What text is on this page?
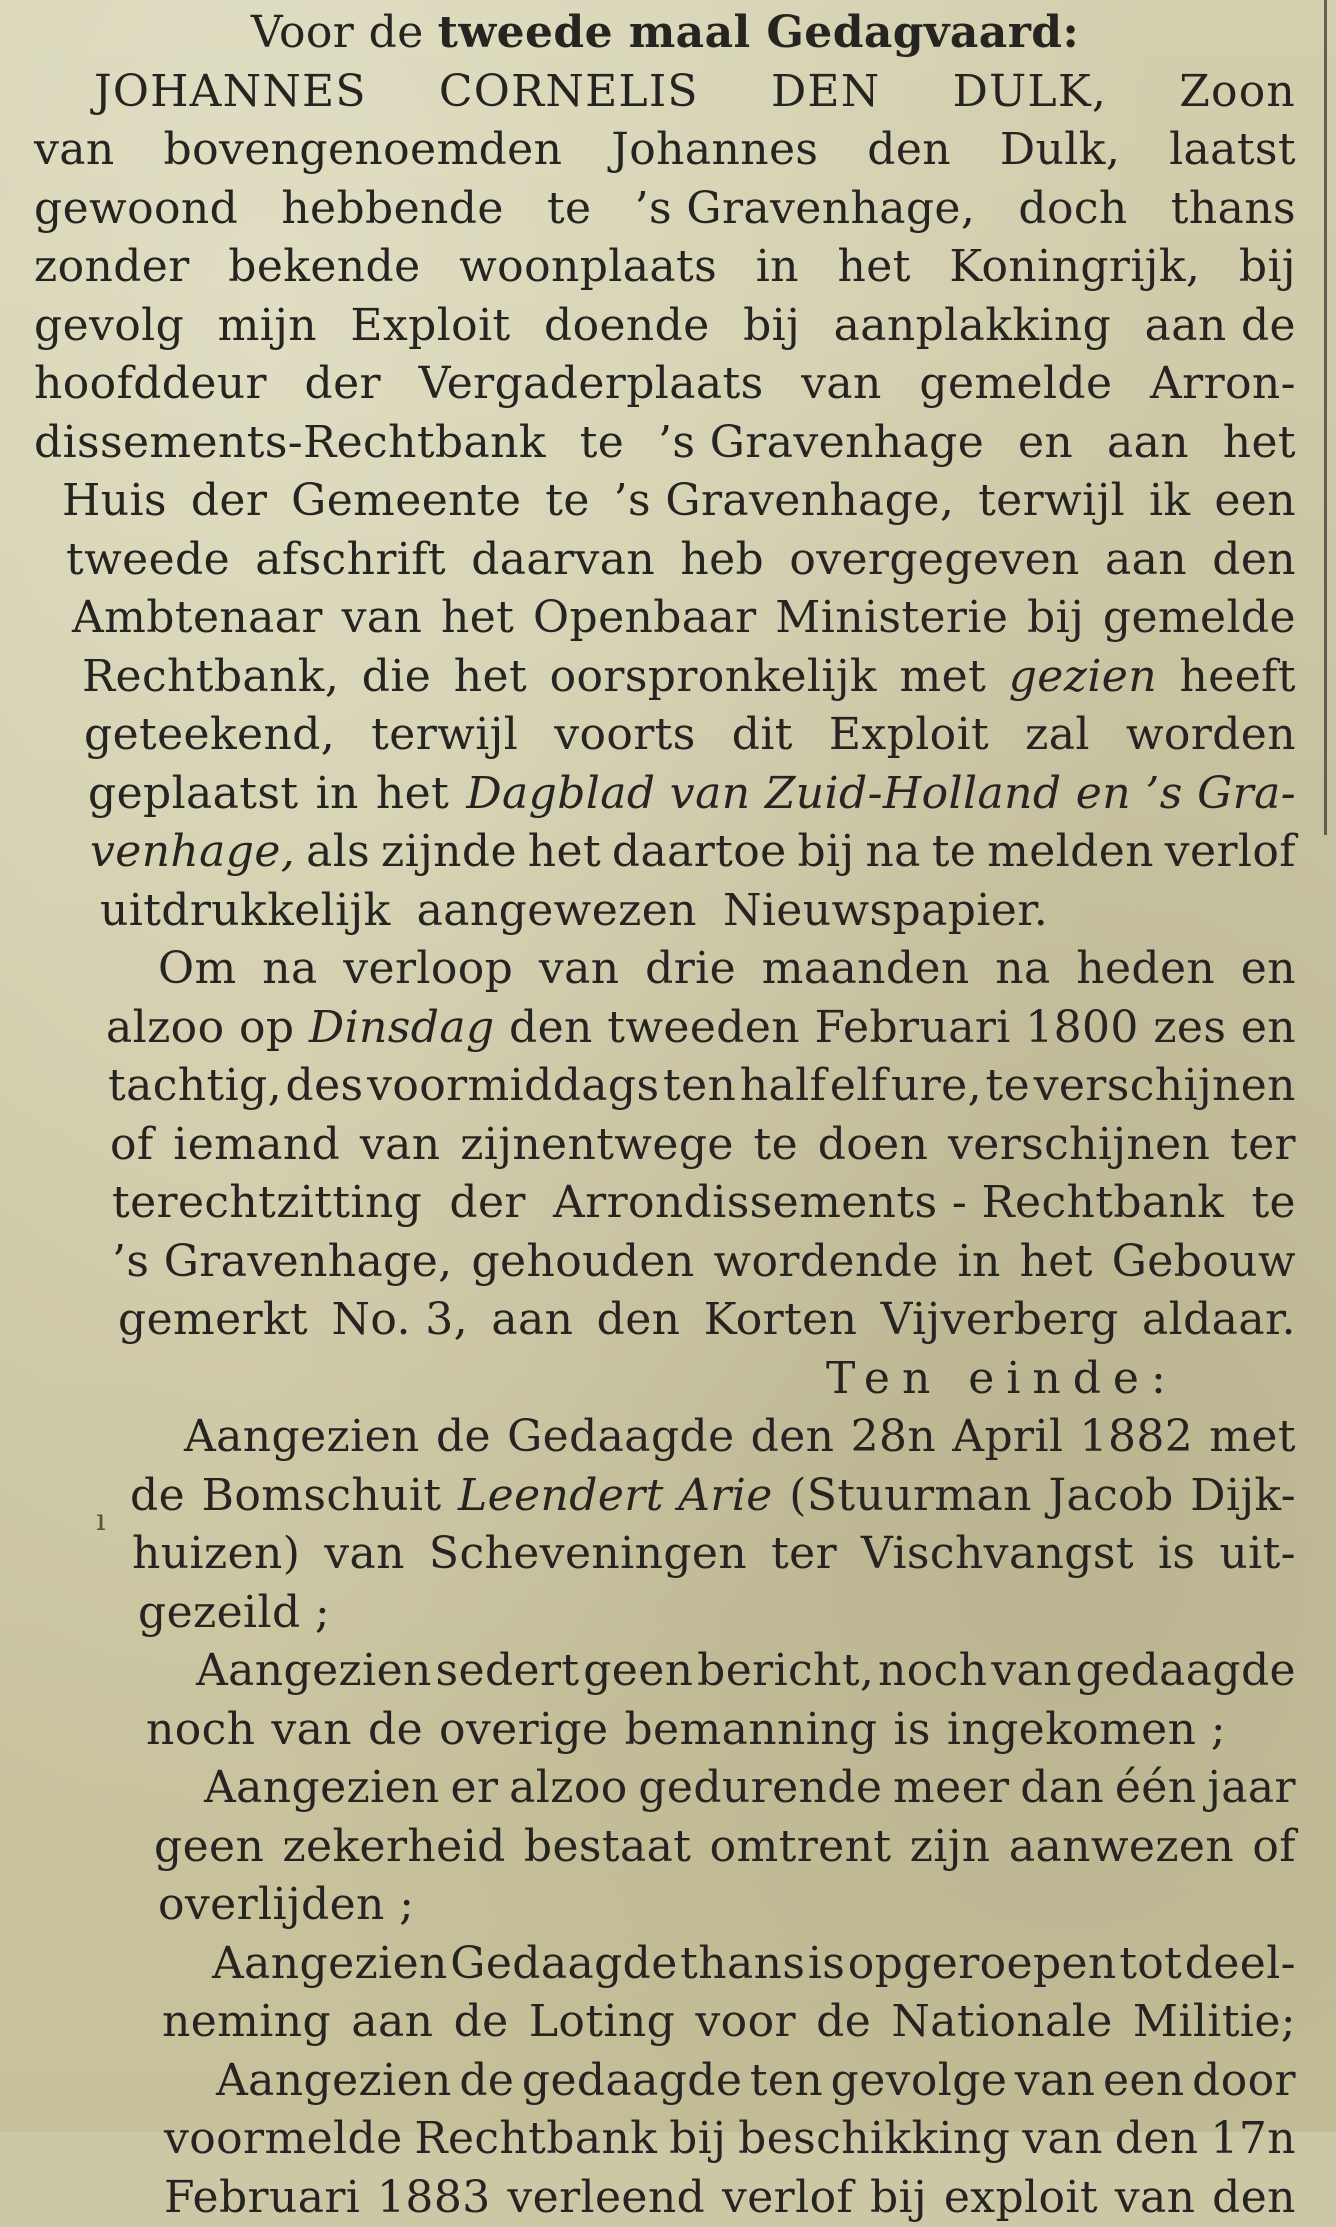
ı
Voor de tweede maal Gedagvaard:
JOHANNES CORNELIS DEN DULK, Zoon
van bovengenoemden Johannes den Dulk, laatst
gewoond hebbende te ’s Gravenhage, doch thans
zonder bekende woonplaats in het Koningrijk, bij
gevolg mijn Exploit doende bij aanplakking aan de
hoofddeur der Vergaderplaats van gemelde Arron-
dissements-Rechtbank te ’s Gravenhage en aan het
Huis der Gemeente te ’s Gravenhage, terwijl ik een
tweede afschrift daarvan heb overgegeven aan den
Ambtenaar van het Openbaar Ministerie bij gemelde
Rechtbank, die het oorspronkelijk met gezien heeft
geteekend, terwijl voorts dit Exploit zal worden
geplaatst in het Dagblad van Zuid-Holland en ’s Gra-
venhage, als zijnde het daartoe bij na te melden verlof
uitdrukkelijk aangewezen Nieuwspapier.
Om na verloop van drie maanden na heden en
alzoo op Dinsdag den tweeden Februari 1800 zes en
tachtig, des voormiddags ten half elf ure, te verschijnen
of iemand van zijnentwege te doen verschijnen ter
terechtzitting der Arrondissements - Rechtbank te
’s Gravenhage, gehouden wordende in het Gebouw
gemerkt No. 3, aan den Korten Vijverberg aldaar.
Ten einde:
Aangezien de Gedaagde den 28n April 1882 met
de Bomschuit Leendert Arie (Stuurman Jacob Dijk-
huizen) van Scheveningen ter Vischvangst is uit-
gezeild ;
Aangezien sedert geen bericht, noch van gedaagde
noch van de overige bemanning is ingekomen ;
Aangezien er alzoo gedurende meer dan één jaar
geen zekerheid bestaat omtrent zijn aanwezen of
overlijden ;
Aangezien Gedaagde thans is opgeroepen tot deel-
neming aan de Loting voor de Nationale Militie;
Aangezien de gedaagde ten gevolge van een door
voormelde Rechtbank bij beschikking van den 17n
Februari 1883 verleend verlof bij exploit van den
